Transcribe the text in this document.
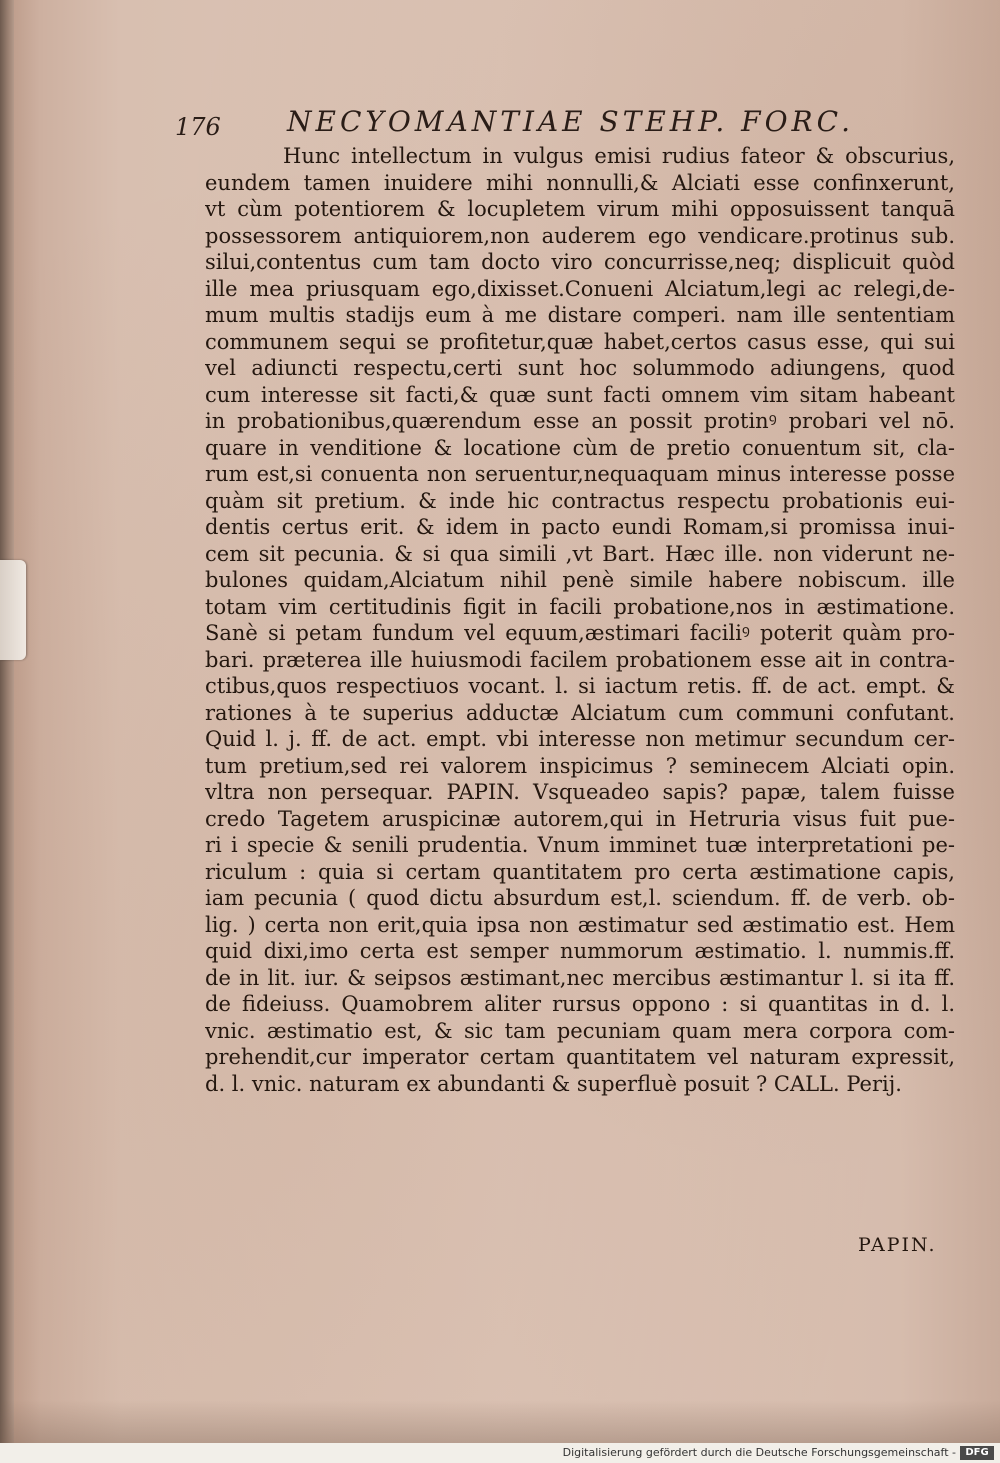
176 NECYOMANTIAE STEHP. FORC.
Hunc intellectum in vulgus emisi rudius fateor & obscurius,
eundem tamen inuidere mihi nonnulli,& Alciati esse confinxerunt,
vt cùm potentiorem & locupletem virum mihi opposuissent tanquā
possessorem antiquiorem,non auderem ego vendicare.protinus sub.
silui,contentus cum tam docto viro concurrisse,neq; displicuit quòd
ille mea priusquam ego,dixisset.Conueni Alciatum,legi ac relegi,de-
mum multis stadijs eum à me distare comperi. nam ille sententiam
communem sequi se profitetur,quæ habet,certos casus esse, qui sui
vel adiuncti respectu,certi sunt hoc solummodo adiungens, quod
cum interesse sit facti,& quæ sunt facti omnem vim sitam habeant
in probationibus,quærendum esse an possit protinꝰ probari vel nō.
quare in venditione & locatione cùm de pretio conuentum sit, cla-
rum est,si conuenta non seruentur,nequaquam minus interesse posse
quàm sit pretium. & inde hic contractus respectu probationis eui-
dentis certus erit. & idem in pacto eundi Romam,si promissa inui-
cem sit pecunia. & si qua simili ,vt Bart. Hæc ille. non viderunt ne-
bulones quidam,Alciatum nihil penè simile habere nobiscum. ille
totam vim certitudinis figit in facili probatione,nos in æstimatione.
Sanè si petam fundum vel equum,æstimari faciliꝰ poterit quàm pro-
bari. præterea ille huiusmodi facilem probationem esse ait in contra-
ctibus,quos respectiuos vocant. l. si iactum retis. ff. de act. empt. &
rationes à te superius adductæ Alciatum cum communi confutant.
Quid l. j. ff. de act. empt. vbi interesse non metimur secundum cer-
tum pretium,sed rei valorem inspicimus ? seminecem Alciati opin.
vltra non persequar. PAPIN. Vsqueadeo sapis? papæ, talem fuisse
credo Tagetem aruspicinæ autorem,qui in Hetruria visus fuit pue-
ri i specie & senili prudentia. Vnum imminet tuæ interpretationi pe-
riculum : quia si certam quantitatem pro certa æstimatione capis,
iam pecunia ( quod dictu absurdum est,l. sciendum. ff. de verb. ob-
lig. ) certa non erit,quia ipsa non æstimatur sed æstimatio est. Hem
quid dixi,imo certa est semper nummorum æstimatio. l. nummis.ff.
de in lit. iur. & seipsos æstimant,nec mercibus æstimantur l. si ita ff.
de fideiuss. Quamobrem aliter rursus oppono : si quantitas in d. l.
vnic. æstimatio est, & sic tam pecuniam quam mera corpora com-
prehendit,cur imperator certam quantitatem vel naturam expressit,
d. l. vnic. naturam ex abundanti & superfluè posuit ? CALL. Perij.
PAPIN.
Digitalisierung gefördert durch die Deutsche Forschungsgemeinschaft - DFG
